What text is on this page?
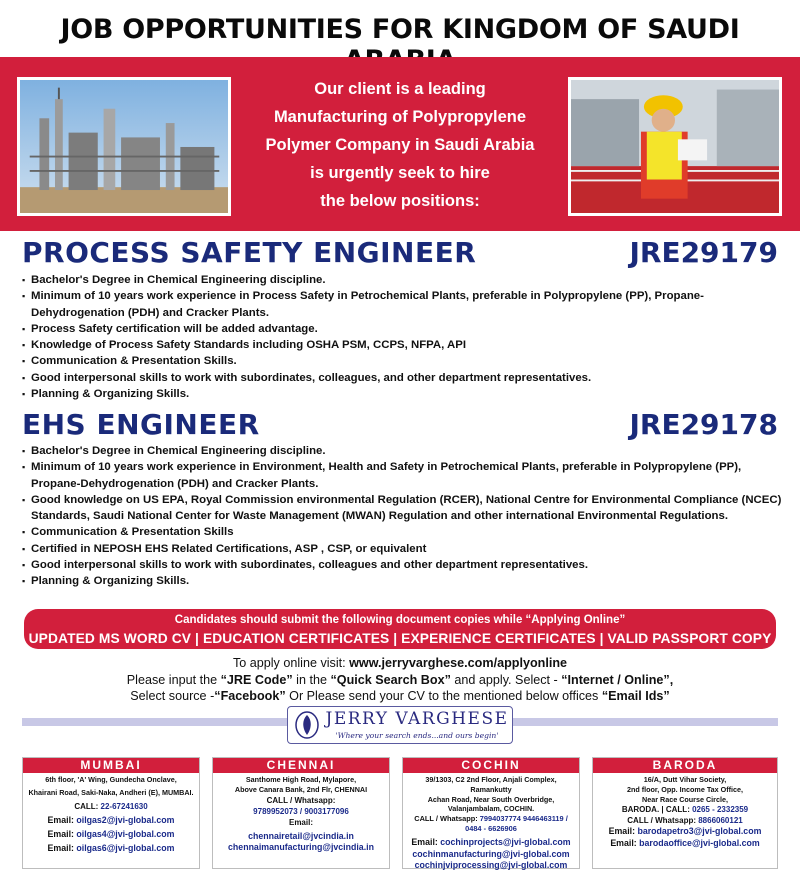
JOB OPPORTUNITIES FOR KINGDOM OF SAUDI
Our client is a leading
Manufacturing of Polypropylene
Polymer Company in Saudi Arabia
is urgently seek to hire
the below positions:
PROCESS SAFETY ENGINEER	JRE29179
▪ Bachelor's Degree in Chemical Engineering discipline.
▪ Minimum of 10 years work experience in Process Safety in Petrochemical Plants, preferable in Polypropylene (PP), Propane-Dehydrogenation (PDH) and Cracker Plants.
▪ Process Safety certification will be added advantage.
▪ Knowledge of Process Safety Standards including OSHA PSM, CCPS, NFPA, API
▪ Communication & Presentation Skills.
▪ Good interpersonal skills to work with subordinates, colleagues, and other department representatives.
▪ Planning & Organizing Skills.
EHS ENGINEER	JRE29178
▪ Bachelor's Degree in Chemical Engineering discipline.
▪ Minimum of 10 years work experience in Environment, Health and Safety in Petrochemical Plants, preferable in Polypropylene (PP), Propane-Dehydrogenation (PDH) and Cracker Plants.
▪ Good knowledge on US EPA, Royal Commission environmental Regulation (RCER), National Centre for Environmental Compliance (NCEC) Standards, Saudi National Center for Waste Management (MWAN) Regulation and other international Environmental Regulations.
▪ Communication & Presentation Skills
▪ Certified in NEPOSH EHS Related Certifications, ASP , CSP, or equivalent
▪ Good interpersonal skills to work with subordinates, colleagues and other department representatives.
▪ Planning & Organizing Skills.
Candidates should submit the following document copies while “Applying Online”
UPDATED MS WORD CV | EDUCATION CERTIFICATES | EXPERIENCE CERTIFICATES | VALID PASSPORT COPY
To apply online visit: www.jerryvarghese.com/applyonline
Please input the “JRE Code” in the “Quick Search Box” and apply. Select - “Internet / Online”,
Select source -“Facebook” Or Please send your CV to the mentioned below offices “Email Ids”
JERRY VARGHESE
'Where your search ends...and ours begin'
MUMBAI
6th floor, 'A' Wing, Gundecha Onclave,
Khairani Road, Saki-Naka, Andheri (E), MUMBAI.
CALL: 22-67241630
Email: oilgas2@jvi-global.com
Email: oilgas4@jvi-global.com
Email: oilgas6@jvi-global.com
CHENNAI
Santhome High Road, Mylapore,
Above Canara Bank, 2nd Flr, CHENNAI
CALL / Whatsapp:
9789952073 / 9003177096
Email:
chennairetail@jvcindia.in
chennaimanufacturing@jvcindia.in
COCHIN
39/1303, C2 2nd Floor, Anjali Complex, Ramankutty
Achan Road, Near South Overbridge,
Valanjambalam, COCHIN.
CALL / Whatsapp: 7994037774 9446463119 / 0484 - 6626906
Email: cochinprojects@jvi-global.com
cochinmanufacturing@jvi-global.com
cochinjviprocessing@jvi-global.com
BARODA
16/A, Dutt Vihar Society,
2nd floor, Opp. Income Tax Office,
Near Race Course Circle,
BARODA. | CALL: 0265 - 2332359
CALL / Whatsapp: 8866060121
Email: barodapetro3@jvi-global.com
Email: barodaoffice@jvi-global.com
